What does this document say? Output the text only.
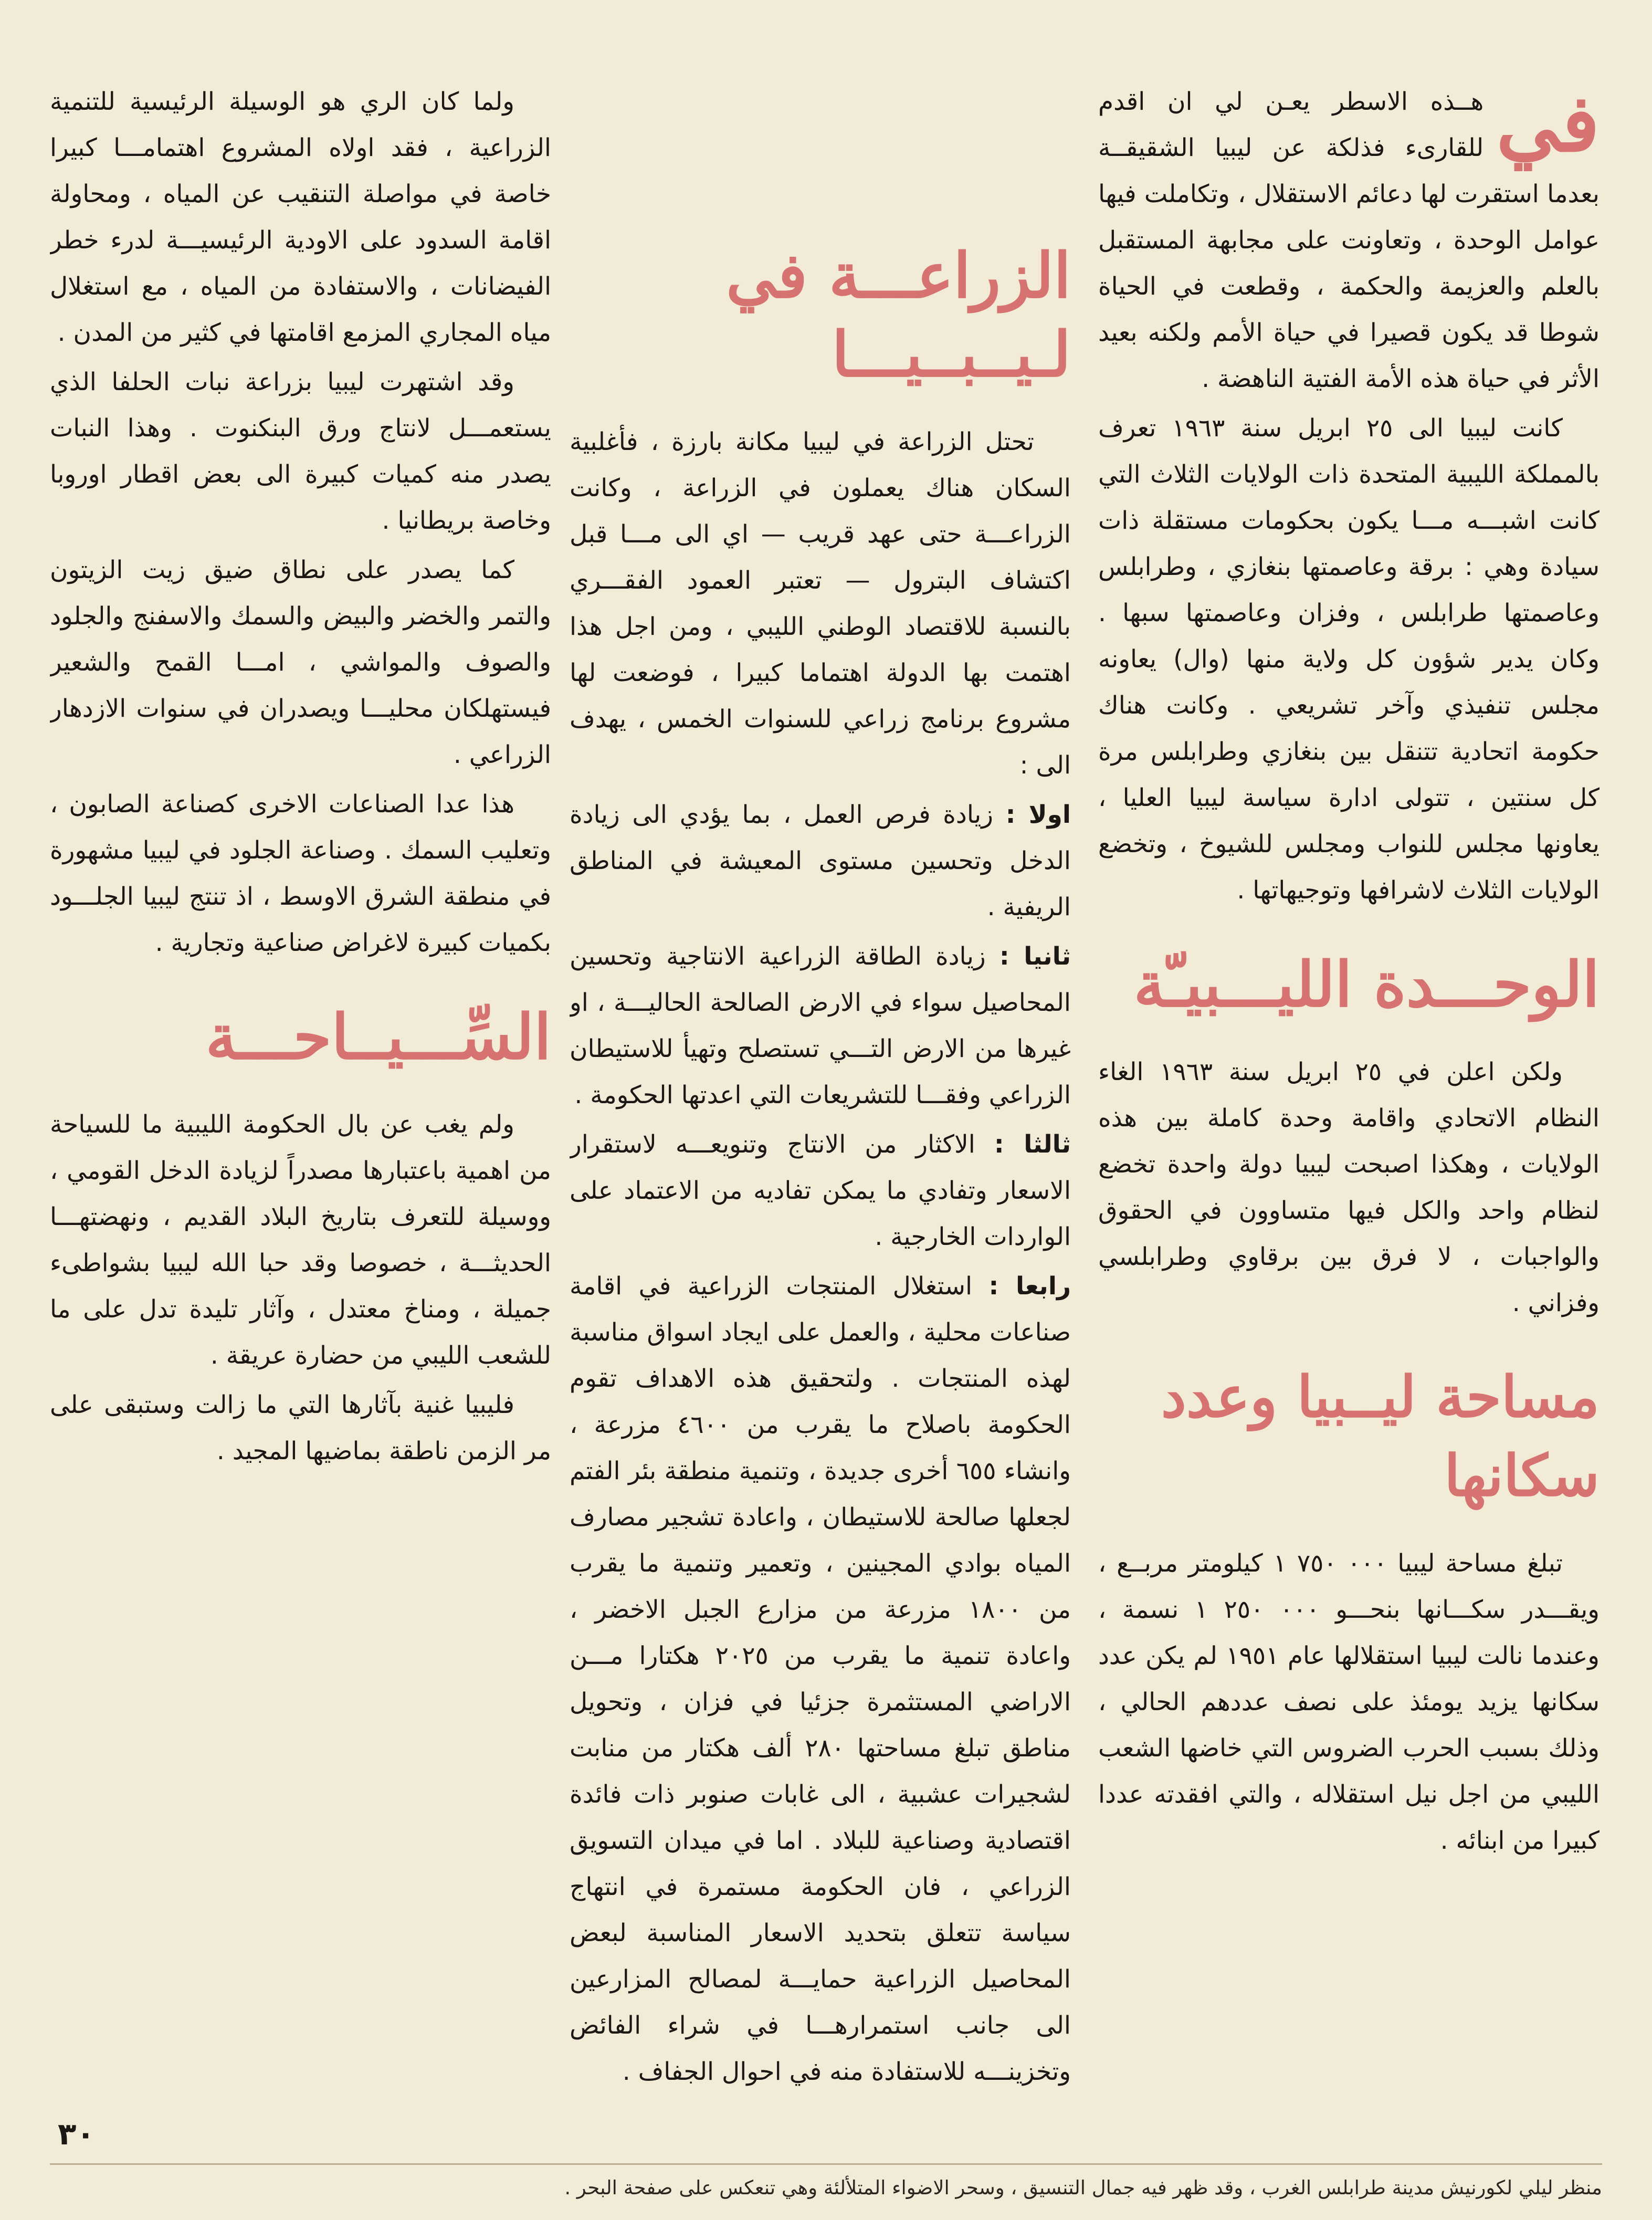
في
هــذه الاسطر يعـن لي ان اقدم للقارىء فذلكة عن ليبيا الشقيقــة بعدما استقرت لها دعائم الاستقلال ، وتكاملت فيها عوامل الوحدة ، وتعاونت على مجابهة المستقبل بالعلم والعزيمة والحكمة ، وقطعت في الحياة شوطا قد يكون قصيرا في حياة الأمم ولكنه بعيد الأثر في حياة هذه الأمة الفتية الناهضة .

كانت ليبيا الى ٢٥ ابريل سنة ١٩٦٣ تعرف بالمملكة الليبية المتحدة ذات الولايات الثلاث التي كانت اشبـــه مـــا يكون بحكومات مستقلة ذات سيادة وهي : برقة وعاصمتها بنغازي ، وطرابلس وعاصمتها طرابلس ، وفزان وعاصمتها سبها . وكان يدير شؤون كل ولاية منها (وال) يعاونه مجلس تنفيذي وآخر تشريعي . وكانت هناك حكومة اتحادية تتنقل بين بنغازي وطرابلس مرة كل سنتين ، تتولى ادارة سياسة ليبيا العليا ، يعاونها مجلس للنواب ومجلس للشيوخ ، وتخضع الولايات الثلاث لاشرافها وتوجيهاتها .

الوحـــدة الليـــبيـّة

ولكن اعلن في ٢٥ ابريل سنة ١٩٦٣ الغاء النظام الاتحادي واقامة وحدة كاملة بين هذه الولايات ، وهكذا اصبحت ليبيا دولة واحدة تخضع لنظام واحد والكل فيها متساوون في الحقوق والواجبات ، لا فرق بين برقاوي وطرابلسي وفزاني .

مساحة ليــبيا وعدد سكانها

تبلغ مساحة ليبيا ٠٠٠ ٧٥٠ ١ كيلومتر مربــع ، ويقـــدر سكـــانها بنحـــو ٠٠٠ ٢٥٠ ١ نسمة ، وعندما نالت ليبيا استقلالها عام ١٩٥١ لم يكن عدد سكانها يزيد يومئذ على نصف عددهم الحالي ، وذلك بسبب الحرب الضروس التي خاضها الشعب الليبي من اجل نيل استقلاله ، والتي افقدته عددا كبيرا من ابنائه .

الزراعـــة في لـيــبــيـــا

تحتل الزراعة في ليبيا مكانة بارزة ، فأغلبية السكان هناك يعملون في الزراعة ، وكانت الزراعـــة حتى عهد قريب — اي الى مـــا قبل اكتشاف البترول — تعتبر العمود الفقـــري بالنسبة للاقتصاد الوطني الليبي ، ومن اجل هذا اهتمت بها الدولة اهتماما كبيرا ، فوضعت لها مشروع برنامج زراعي للسنوات الخمس ، يهدف الى :

اولا : زيادة فرص العمل ، بما يؤدي الى زيادة الدخل وتحسين مستوى المعيشة في المناطق الريفية .

ثانيا : زيادة الطاقة الزراعية الانتاجية وتحسين المحاصيل سواء في الارض الصالحة الحاليـــة ، او غيرها من الارض التـــي تستصلح وتهيأ للاستيطان الزراعي وفقـــا للتشريعات التي اعدتها الحكومة .

ثالثا : الاكثار من الانتاج وتنويعـــه لاستقرار الاسعار وتفادي ما يمكن تفاديه من الاعتماد على الواردات الخارجية .

رابعا : استغلال المنتجات الزراعية في اقامة صناعات محلية ، والعمل على ايجاد اسواق مناسبة لهذه المنتجات . ولتحقيق هذه الاهداف تقوم الحكومة باصلاح ما يقرب من ٤٦٠٠ مزرعة ، وانشاء ٦٥٥ أخرى جديدة ، وتنمية منطقة بئر الفتم لجعلها صالحة للاستيطان ، واعادة تشجير مصارف المياه بوادي المجينين ، وتعمير وتنمية ما يقرب من ١٨٠٠ مزرعة من مزارع الجبل الاخضر ، واعادة تنمية ما يقرب من ٢٠٢٥ هكتارا مـــن الاراضي المستثمرة جزئيا في فزان ، وتحويل مناطق تبلغ مساحتها ٢٨٠ ألف هكتار من منابت لشجيرات عشبية ، الى غابات صنوبر ذات فائدة اقتصادية وصناعية للبلاد . اما في ميدان التسويق الزراعي ، فان الحكومة مستمرة في انتهاج سياسة تتعلق بتحديد الاسعار المناسبة لبعض المحاصيل الزراعية حمايـــة لمصالح المزارعين الى جانب استمرارهـــا في شراء الفائض وتخزينـــه للاستفادة منه في احوال الجفاف .

ولما كان الري هو الوسيلة الرئيسية للتنمية الزراعية ، فقد اولاه المشروع اهتمامـــا كبيرا خاصة في مواصلة التنقيب عن المياه ، ومحاولة اقامة السدود على الاودية الرئيسيـــة لدرء خطر الفيضانات ، والاستفادة من المياه ، مع استغلال مياه المجاري المزمع اقامتها في كثير من المدن .

وقد اشتهرت ليبيا بزراعة نبات الحلفا الذي يستعمـــل لانتاج ورق البنكنوت . وهذا النبات يصدر منه كميات كبيرة الى بعض اقطار اوروبا وخاصة بريطانيا .

كما يصدر على نطاق ضيق زيت الزيتون والتمر والخضر والبيض والسمك والاسفنج والجلود والصوف والمواشي ، امـــا القمح والشعير فيستهلكان محليـــا ويصدران في سنوات الازدهار الزراعي .

هذا عدا الصناعات الاخرى كصناعة الصابون ، وتعليب السمك . وصناعة الجلود في ليبيا مشهورة في منطقة الشرق الاوسط ، اذ تنتج ليبيا الجلـــود بكميات كبيرة لاغراض صناعية وتجارية .

السِّـــيــاحـــة

ولم يغب عن بال الحكومة الليبية ما للسياحة من اهمية باعتبارها مصدراً لزيادة الدخل القومي ، ووسيلة للتعرف بتاريخ البلاد القديم ، ونهضتهـــا الحديثـــة ، خصوصا وقد حبا الله ليبيا بشواطىء جميلة ، ومناخ معتدل ، وآثار تليدة تدل على ما للشعب الليبي من حضارة عريقة .

فليبيا غنية بآثارها التي ما زالت وستبقى على مر الزمن ناطقة بماضيها المجيد .

٣٠
منظر ليلي لكورنيش مدينة طرابلس الغرب ، وقد ظهر فيه جمال التنسيق ، وسحر الاضواء المتلألئة وهي تنعكس على صفحة البحر .
